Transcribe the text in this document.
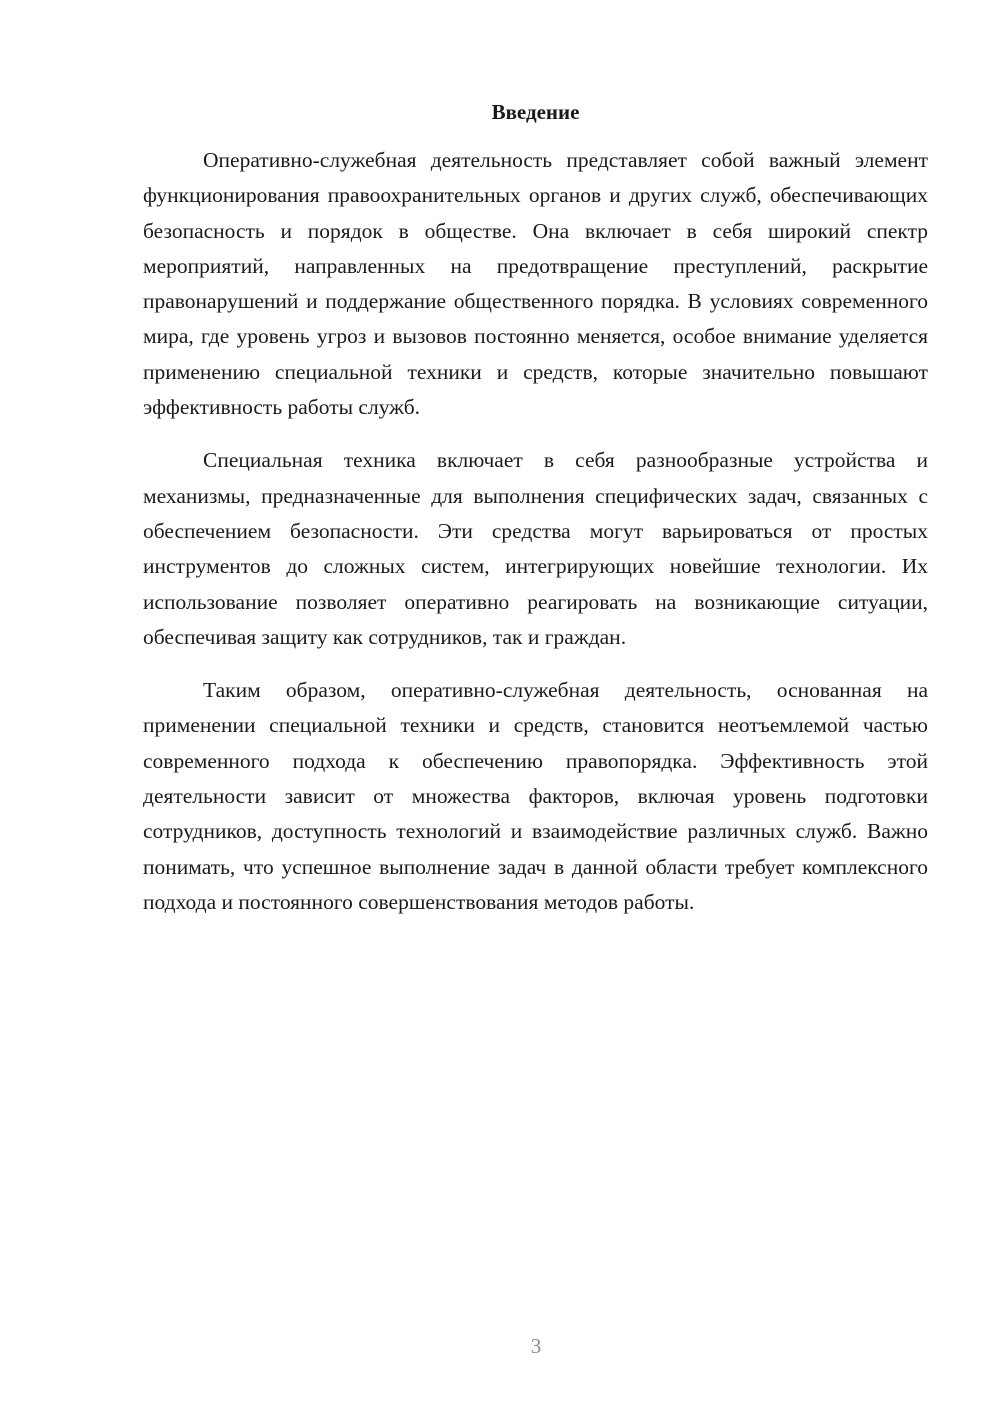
Введение

Оперативно-служебная деятельность представляет собой важный элемент функционирования правоохранительных органов и других служб, обеспечивающих безопасность и порядок в обществе. Она включает в себя широкий спектр мероприятий, направленных на предотвращение преступлений, раскрытие правонарушений и поддержание общественного порядка. В условиях современного мира, где уровень угроз и вызовов постоянно меняется, особое внимание уделяется применению специальной техники и средств, которые значительно повышают эффективность работы служб.

Специальная техника включает в себя разнообразные устройства и механизмы, предназначенные для выполнения специфических задач, связанных с обеспечением безопасности. Эти средства могут варьироваться от простых инструментов до сложных систем, интегрирующих новейшие технологии. Их использование позволяет оперативно реагировать на возникающие ситуации, обеспечивая защиту как сотрудников, так и граждан.

Таким образом, оперативно-служебная деятельность, основанная на применении специальной техники и средств, становится неотъемлемой частью современного подхода к обеспечению правопорядка. Эффективность этой деятельности зависит от множества факторов, включая уровень подготовки сотрудников, доступность технологий и взаимодействие различных служб. Важно понимать, что успешное выполнение задач в данной области требует комплексного подхода и постоянного совершенствования методов работы.

3
